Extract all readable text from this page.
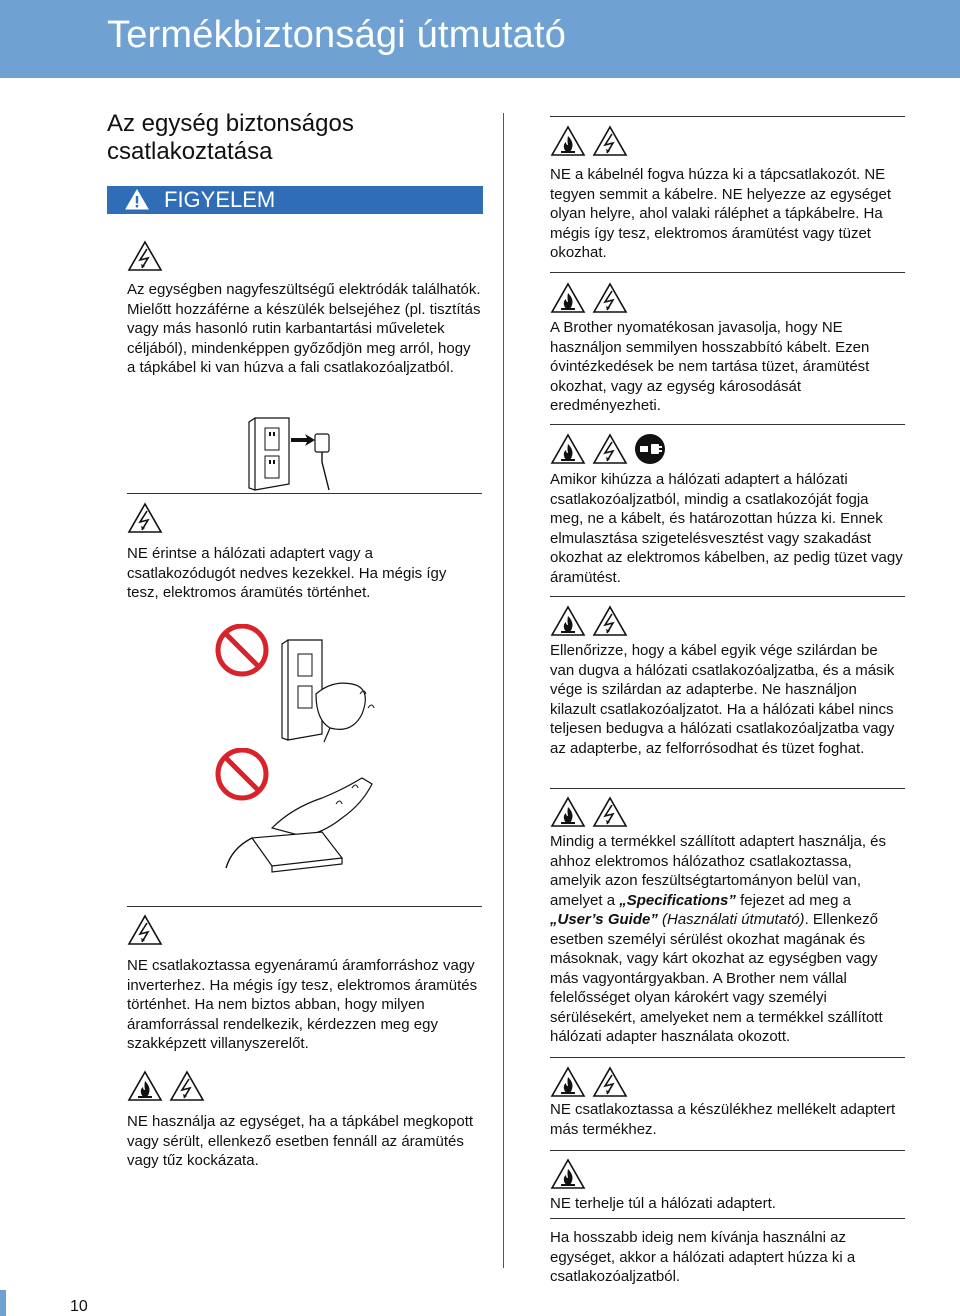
Termékbiztonsági útmutató
Az egység biztonságos csatlakoztatása
FIGYELEM

Az egységben nagyfeszültségű elektródák találhatók. Mielőtt hozzáférne a készülék belsejéhez (pl. tisztítás vagy más hasonló rutin karbantartási műveletek céljából), mindenképpen győződjön meg arról, hogy a tápkábel ki van húzva a fali csatlakozóaljzatból.

NE érintse a hálózati adaptert vagy a csatlakozódugót nedves kezekkel. Ha mégis így tesz, elektromos áramütés történhet.

NE csatlakoztassa egyenáramú áramforráshoz vagy inverterhez. Ha mégis így tesz, elektromos áramütés történhet. Ha nem biztos abban, hogy milyen áramforrással rendelkezik, kérdezzen meg egy szakképzett villanyszerelőt.

NE használja az egységet, ha a tápkábel megkopott vagy sérült, ellenkező esetben fennáll az áramütés vagy tűz kockázata.

NE a kábelnél fogva húzza ki a tápcsatlakozót. NE tegyen semmit a kábelre. NE helyezze az egységet olyan helyre, ahol valaki ráléphet a tápkábelre. Ha mégis így tesz, elektromos áramütést vagy tüzet okozhat.

A Brother nyomatékosan javasolja, hogy NE használjon semmilyen hosszabbító kábelt. Ezen óvintézkedések be nem tartása tüzet, áramütést okozhat, vagy az egység károsodását eredményezheti.

Amikor kihúzza a hálózati adaptert a hálózati csatlakozóaljzatból, mindig a csatlakozóját fogja meg, ne a kábelt, és határozottan húzza ki. Ennek elmulasztása szigetelésvesztést vagy szakadást okozhat az elektromos kábelben, az pedig tüzet vagy áramütést.

Ellenőrizze, hogy a kábel egyik vége szilárdan be van dugva a hálózati csatlakozóaljzatba, és a másik vége is szilárdan az adapterbe. Ne használjon kilazult csatlakozóaljzatot. Ha a hálózati kábel nincs teljesen bedugva a hálózati csatlakozóaljzatba vagy az adapterbe, az felforrósodhat és tüzet foghat.

Mindig a termékkel szállított adaptert használja, és ahhoz elektromos hálózathoz csatlakoztassa, amelyik azon feszültségtartományon belül van, amelyet a „Specifications” fejezet ad meg a „User’s Guide” (Használati útmutató). Ellenkező esetben személyi sérülést okozhat magának és másoknak, vagy kárt okozhat az egységben vagy más vagyontárgyakban. A Brother nem vállal felelősséget olyan károkért vagy személyi sérülésekért, amelyeket nem a termékkel szállított hálózati adapter használata okozott.

NE csatlakoztassa a készülékhez mellékelt adaptert más termékhez.

NE terhelje túl a hálózati adaptert.

Ha hosszabb ideig nem kívánja használni az egységet, akkor a hálózati adaptert húzza ki a csatlakozóaljzatból.

10
